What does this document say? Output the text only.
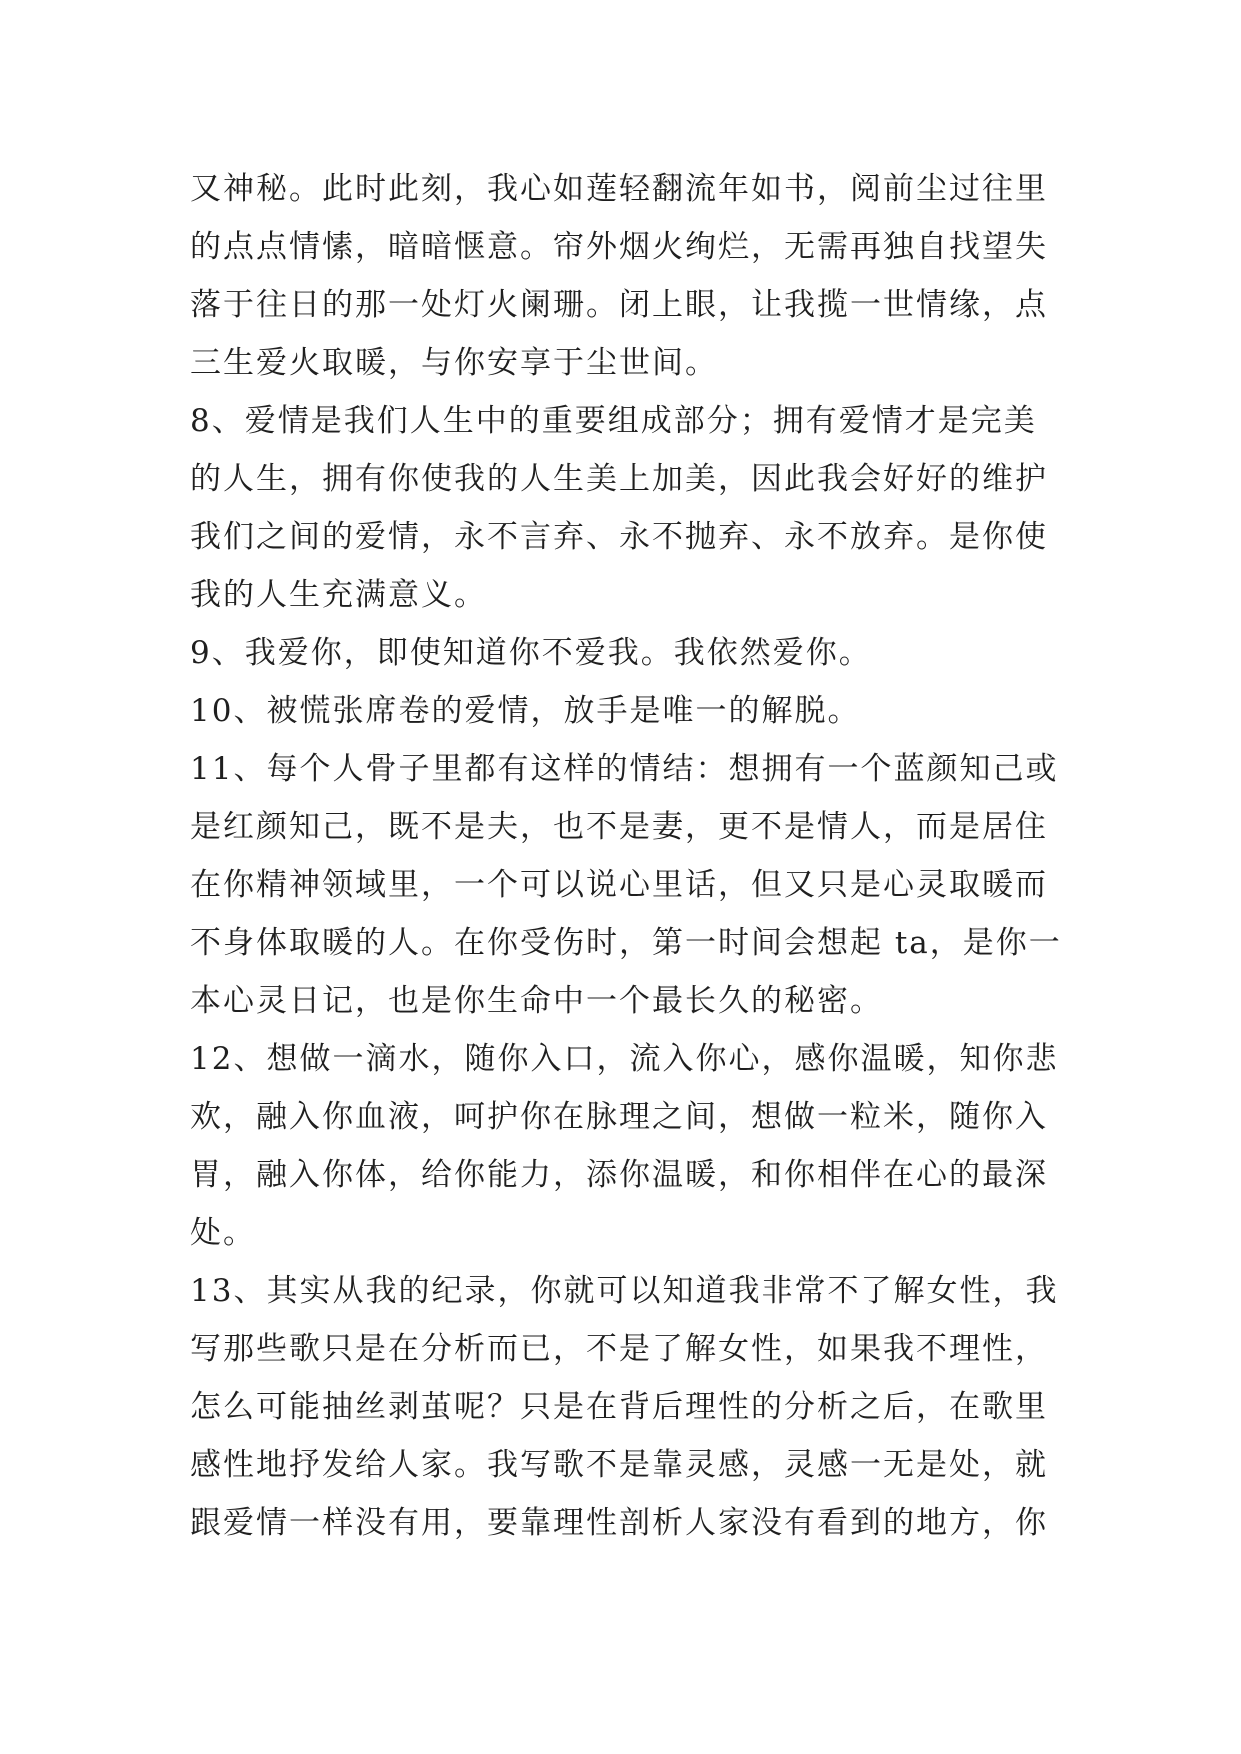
又神秘。此时此刻，我心如莲轻翻流年如书，阅前尘过往里
的点点情愫，暗暗惬意。帘外烟火绚烂，无需再独自找望失
落于往日的那一处灯火阑珊。闭上眼，让我揽一世情缘，点
三生爱火取暖，与你安享于尘世间。
8、爱情是我们人生中的重要组成部分；拥有爱情才是完美
的人生，拥有你使我的人生美上加美，因此我会好好的维护
我们之间的爱情，永不言弃、永不抛弃、永不放弃。是你使
我的人生充满意义。
9、我爱你，即使知道你不爱我。我依然爱你。
10、被慌张席卷的爱情，放手是唯一的解脱。
11、每个人骨子里都有这样的情结：想拥有一个蓝颜知己或
是红颜知己，既不是夫，也不是妻，更不是情人，而是居住
在你精神领域里，一个可以说心里话，但又只是心灵取暖而
不身体取暖的人。在你受伤时，第一时间会想起 ta，是你一
本心灵日记，也是你生命中一个最长久的秘密。
12、想做一滴水，随你入口，流入你心，感你温暖，知你悲
欢，融入你血液，呵护你在脉理之间，想做一粒米，随你入
胃，融入你体，给你能力，添你温暖，和你相伴在心的最深
处。
13、其实从我的纪录，你就可以知道我非常不了解女性，我
写那些歌只是在分析而已，不是了解女性，如果我不理性，
怎么可能抽丝剥茧呢？只是在背后理性的分析之后，在歌里
感性地抒发给人家。我写歌不是靠灵感，灵感一无是处，就
跟爱情一样没有用，要靠理性剖析人家没有看到的地方，你
